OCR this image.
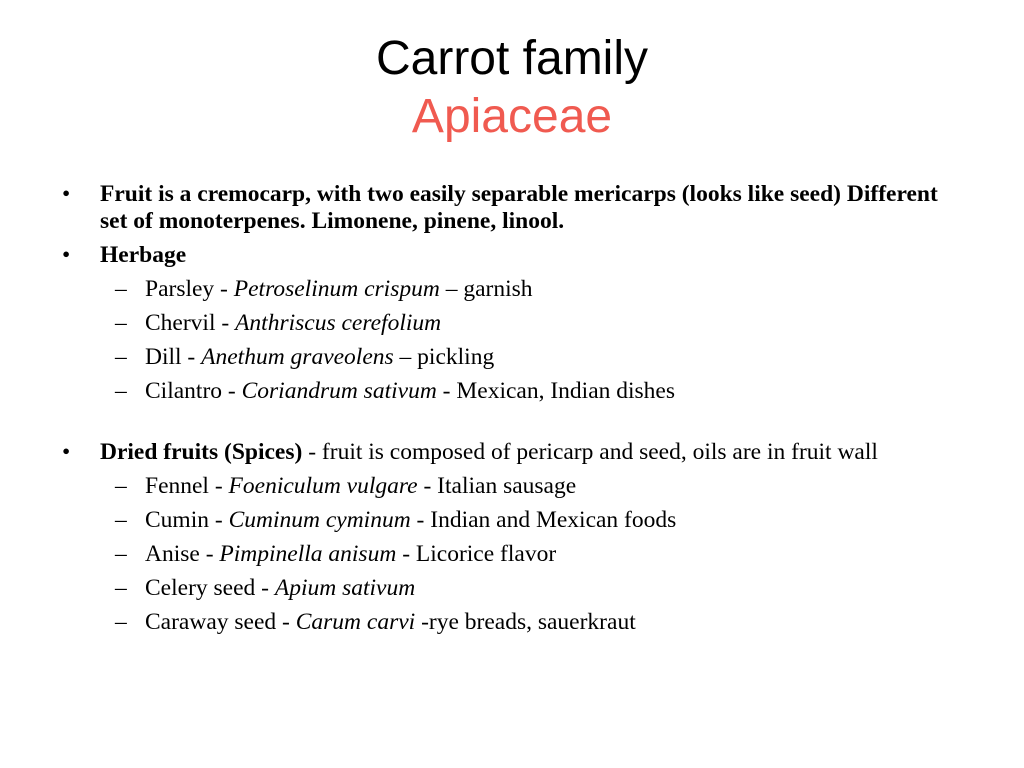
Carrot family
Apiaceae
• Fruit is a cremocarp, with two easily separable mericarps (looks like seed) Different set of monoterpenes. Limonene, pinene, linool.
• Herbage
– Parsley - Petroselinum crispum – garnish
– Chervil - Anthriscus cerefolium
– Dill - Anethum graveolens – pickling
– Cilantro - Coriandrum sativum - Mexican, Indian dishes
• Dried fruits (Spices) - fruit is composed of pericarp and seed, oils are in fruit wall
– Fennel - Foeniculum vulgare - Italian sausage
– Cumin - Cuminum cyminum - Indian and Mexican foods
– Anise - Pimpinella anisum - Licorice flavor
– Celery seed - Apium sativum
– Caraway seed - Carum carvi -rye breads, sauerkraut
